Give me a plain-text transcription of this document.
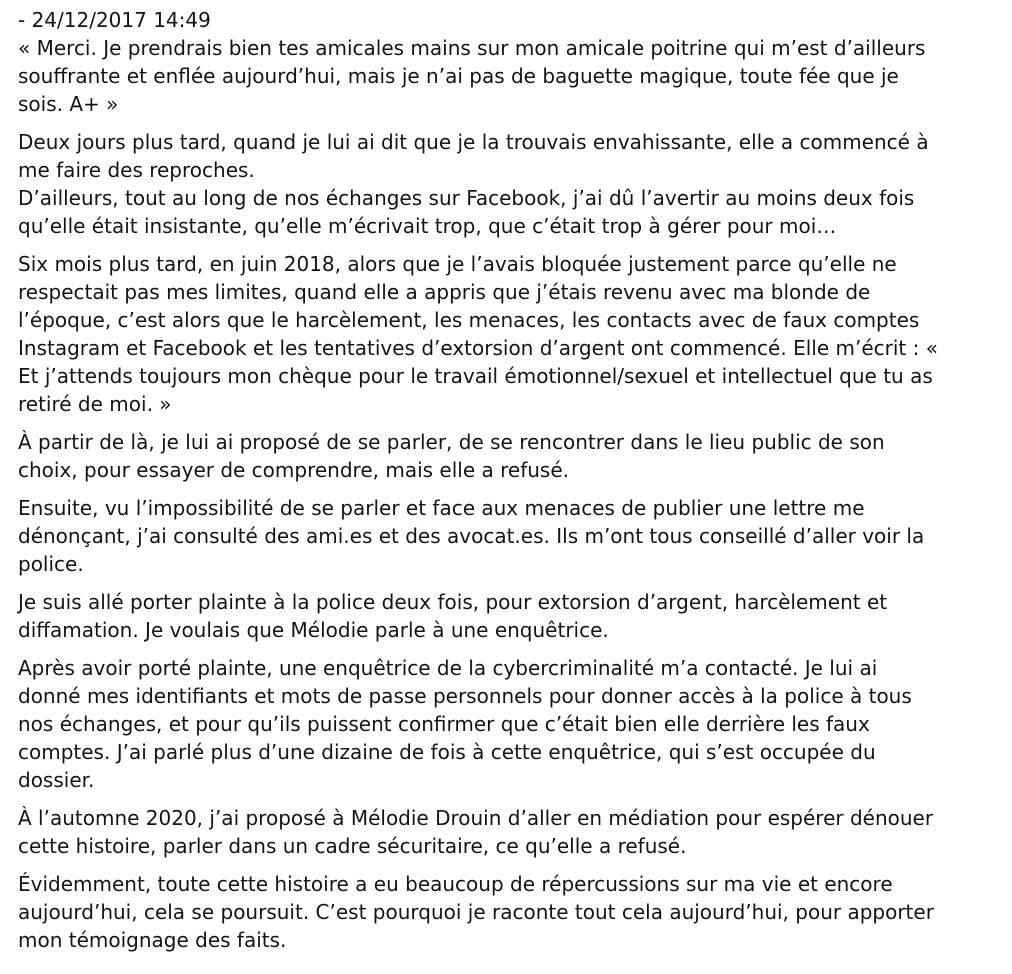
- 24/12/2017 14:49
« Merci. Je prendrais bien tes amicales mains sur mon amicale poitrine qui m’est d’ailleurs
souffrante et enflée aujourd’hui, mais je n’ai pas de baguette magique, toute fée que je
sois. A+ »

Deux jours plus tard, quand je lui ai dit que je la trouvais envahissante, elle a commencé à
me faire des reproches.
D’ailleurs, tout au long de nos échanges sur Facebook, j’ai dû l’avertir au moins deux fois
qu’elle était insistante, qu’elle m’écrivait trop, que c’était trop à gérer pour moi…

Six mois plus tard, en juin 2018, alors que je l’avais bloquée justement parce qu’elle ne
respectait pas mes limites, quand elle a appris que j’étais revenu avec ma blonde de
l’époque, c’est alors que le harcèlement, les menaces, les contacts avec de faux comptes
Instagram et Facebook et les tentatives d’extorsion d’argent ont commencé. Elle m’écrit : «
Et j’attends toujours mon chèque pour le travail émotionnel/sexuel et intellectuel que tu as
retiré de moi. »

À partir de là, je lui ai proposé de se parler, de se rencontrer dans le lieu public de son
choix, pour essayer de comprendre, mais elle a refusé.

Ensuite, vu l’impossibilité de se parler et face aux menaces de publier une lettre me
dénonçant, j’ai consulté des ami.es et des avocat.es. Ils m’ont tous conseillé d’aller voir la
police.

Je suis allé porter plainte à la police deux fois, pour extorsion d’argent, harcèlement et
diffamation. Je voulais que Mélodie parle à une enquêtrice.

Après avoir porté plainte, une enquêtrice de la cybercriminalité m’a contacté. Je lui ai
donné mes identifiants et mots de passe personnels pour donner accès à la police à tous
nos échanges, et pour qu’ils puissent confirmer que c’était bien elle derrière les faux
comptes. J’ai parlé plus d’une dizaine de fois à cette enquêtrice, qui s’est occupée du
dossier.

À l’automne 2020, j’ai proposé à Mélodie Drouin d’aller en médiation pour espérer dénouer
cette histoire, parler dans un cadre sécuritaire, ce qu’elle a refusé.

Évidemment, toute cette histoire a eu beaucoup de répercussions sur ma vie et encore
aujourd’hui, cela se poursuit. C’est pourquoi je raconte tout cela aujourd’hui, pour apporter
mon témoignage des faits.
